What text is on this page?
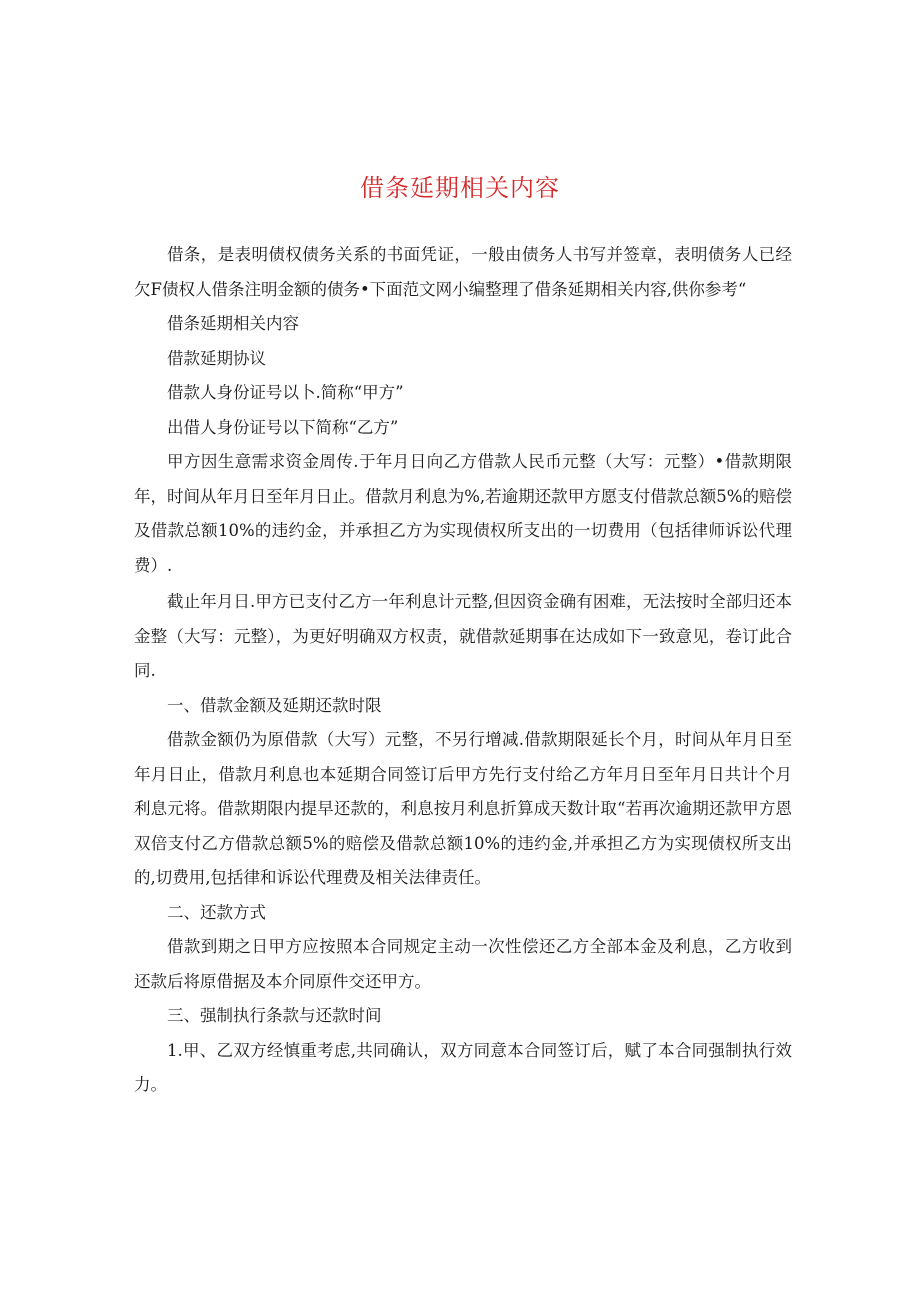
借条延期相关内容

借条，是表明债权债务关系的书面凭证，一般由债务人书写并签章，表明债务人已经欠F债权人借条注明金额的债务•下面范文网小编整理了借条延期相关内容,供你参考“

借条延期相关内容

借款延期协议

借款人身份证号以卜.简称“甲方”

出借人身份证号以下简称“乙方”

甲方因生意需求资金周传.于年月日向乙方借款人民币元整（大写：元整）•借款期限年，时间从年月日至年月日止。借款月利息为%,若逾期还款甲方愿支付借款总额5%的赔偿及借款总额10%的违约金，并承担乙方为实现债权所支出的一切费用（包括律师诉讼代理费）.

截止年月日.甲方已支付乙方一年利息计元整,但因资金确有困难，无法按时全部归还本金整（大写：元整），为更好明确双方权责，就借款延期事在达成如下一致意见，卷订此合同.

一、借款金额及延期还款时限

借款金额仍为原借款（大写）元整，不另行增减.借款期限延长个月，时间从年月日至年月日止，借款月利息也本延期合同签订后甲方先行支付给乙方年月日至年月日共计个月利息元将。借款期限内提早还款的，利息按月利息折算成天数计取“若再次逾期还款甲方恩双倍支付乙方借款总额5%的赔偿及借款总额10%的违约金,并承担乙方为实现债权所支出的,切费用,包括律和诉讼代理费及相关法律责任。

二、还款方式

借款到期之日甲方应按照本合同规定主动一次性偿还乙方全部本金及利息，乙方收到还款后将原借据及本介同原件交还甲方。

三、强制执行条款与还款时间

1.甲、乙双方经慎重考虑,共同确认，双方同意本合同签订后，赋了本合同强制执行效力。
